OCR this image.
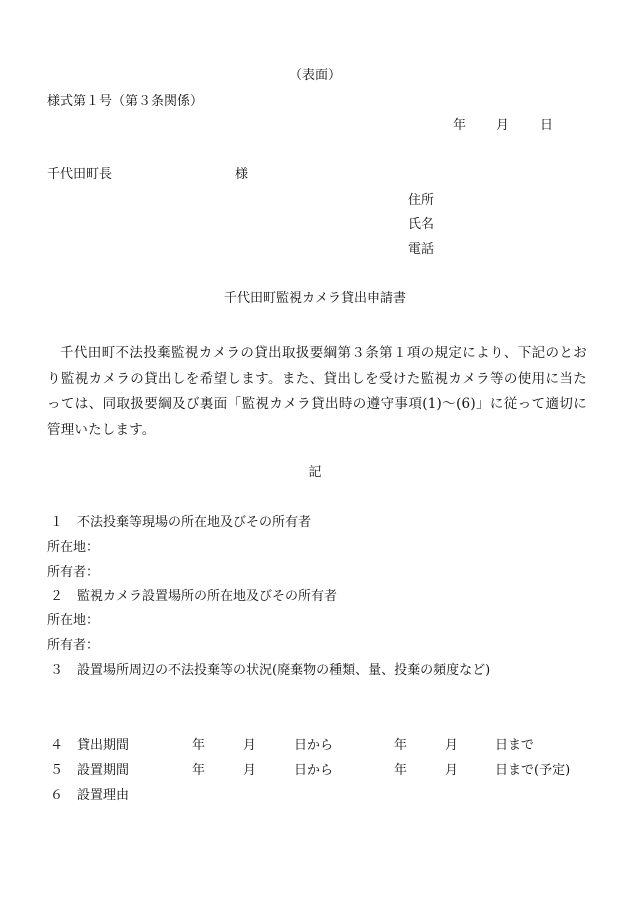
（表面）
様式第１号（第３条関係）
年 月 日
千代田町長	様
住所
氏名
電話
千代田町監視カメラ貸出申請書
千代田町不法投棄監視カメラの貸出取扱要綱第３条第１項の規定により、下記のとおり監視カメラの貸出しを希望します。また、貸出しを受けた監視カメラ等の使用に当たっては、同取扱要綱及び裏面「監視カメラ貸出時の遵守事項(1)～(6)」に従って適切に管理いたします。
記
１ 不法投棄等現場の所在地及びその所有者
所在地：
所有者：
２ 監視カメラ設置場所の所在地及びその所有者
所在地：
所有者：
３ 設置場所周辺の不法投棄等の状況(廃棄物の種類、量、投棄の頻度など)
４ 貸出期間	年	月	日から	年	月	日まで
５ 設置期間	年	月	日から	年	月	日まで(予定)
６ 設置理由
